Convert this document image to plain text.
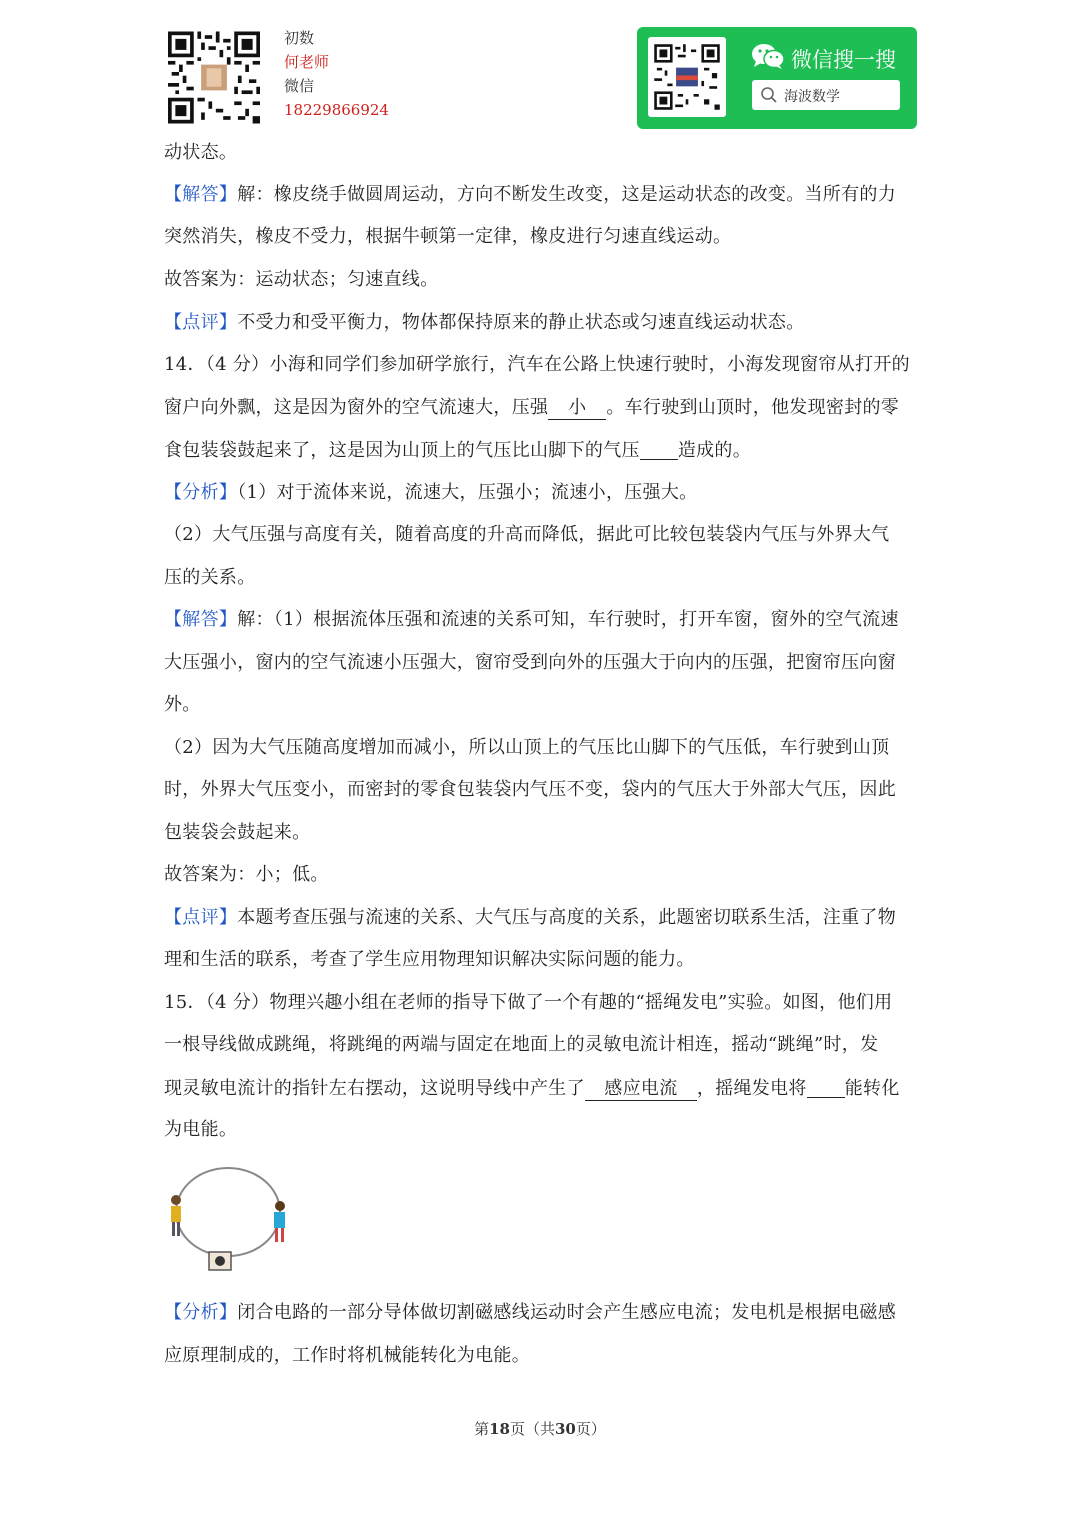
初数
何老师
微信
18229866924
微信搜一搜
海波数学
动状态。
【解答】解：橡皮绕手做圆周运动，方向不断发生改变，这是运动状态的改变。当所有的力
突然消失，橡皮不受力，根据牛顿第一定律，橡皮进行匀速直线运动。
故答案为：运动状态；匀速直线。
【点评】不受力和受平衡力，物体都保持原来的静止状态或匀速直线运动状态。
14．（4 分）小海和同学们参加研学旅行，汽车在公路上快速行驶时，小海发现窗帘从打开的
窗户向外飘，这是因为窗外的空气流速大，压强 小 。车行驶到山顶时，他发现密封的零
食包装袋鼓起来了，这是因为山顶上的气压比山脚下的气压 造成的。
【分析】（1）对于流体来说，流速大，压强小；流速小，压强大。
（2）大气压强与高度有关，随着高度的升高而降低，据此可比较包装袋内气压与外界大气
压的关系。
【解答】解：（1）根据流体压强和流速的关系可知，车行驶时，打开车窗，窗外的空气流速
大压强小，窗内的空气流速小压强大，窗帘受到向外的压强大于向内的压强，把窗帘压向窗
外。
（2）因为大气压随高度增加而减小，所以山顶上的气压比山脚下的气压低，车行驶到山顶
时，外界大气压变小，而密封的零食包装袋内气压不变，袋内的气压大于外部大气压，因此
包装袋会鼓起来。
故答案为：小；低。
【点评】本题考查压强与流速的关系、大气压与高度的关系，此题密切联系生活，注重了物
理和生活的联系，考查了学生应用物理知识解决实际问题的能力。
15．（4 分）物理兴趣小组在老师的指导下做了一个有趣的“摇绳发电”实验。如图，他们用
一根导线做成跳绳，将跳绳的两端与固定在地面上的灵敏电流计相连，摇动“跳绳”时，发
现灵敏电流计的指针左右摆动，这说明导线中产生了 感应电流 ，摇绳发电将 能转化
为电能。
【分析】闭合电路的一部分导体做切割磁感线运动时会产生感应电流；发电机是根据电磁感
应原理制成的，工作时将机械能转化为电能。
第18页（共30页）
